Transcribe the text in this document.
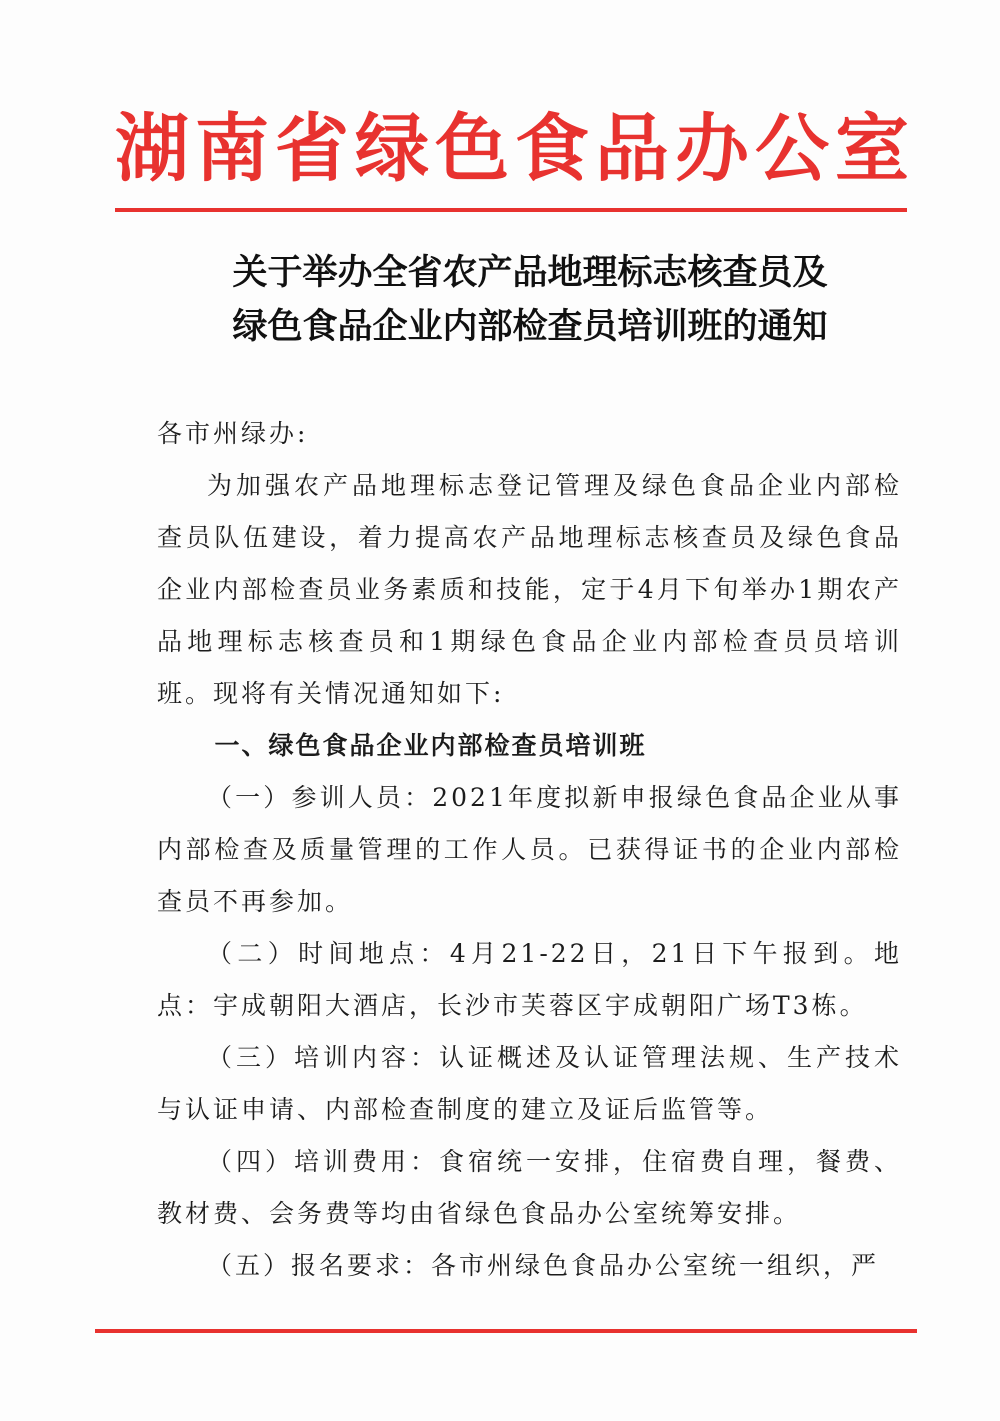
湖南省绿色食品办公室
关于举办全省农产品地理标志核查员及
绿色食品企业内部检查员培训班的通知

各市州绿办:

为加强农产品地理标志登记管理及绿色食品企业内部检查员队伍建设，着力提高农产品地理标志核查员及绿色食品企业内部检查员业务素质和技能，定于4月下旬举办1期农产品地理标志核查员和1期绿色食品企业内部检查员员培训班。现将有关情况通知如下:

一、绿色食品企业内部检查员培训班

（一）参训人员：2021年度拟新申报绿色食品企业从事内部检查及质量管理的工作人员。已获得证书的企业内部检查员不再参加。

（二）时间地点：4月21-22日，21日下午报到。地点：宇成朝阳大酒店，长沙市芙蓉区宇成朝阳广场T3栋。

（三）培训内容：认证概述及认证管理法规、生产技术与认证申请、内部检查制度的建立及证后监管等。

（四）培训费用：食宿统一安排，住宿费自理，餐费、教材费、会务费等均由省绿色食品办公室统筹安排。

（五）报名要求：各市州绿色食品办公室统一组织，严
